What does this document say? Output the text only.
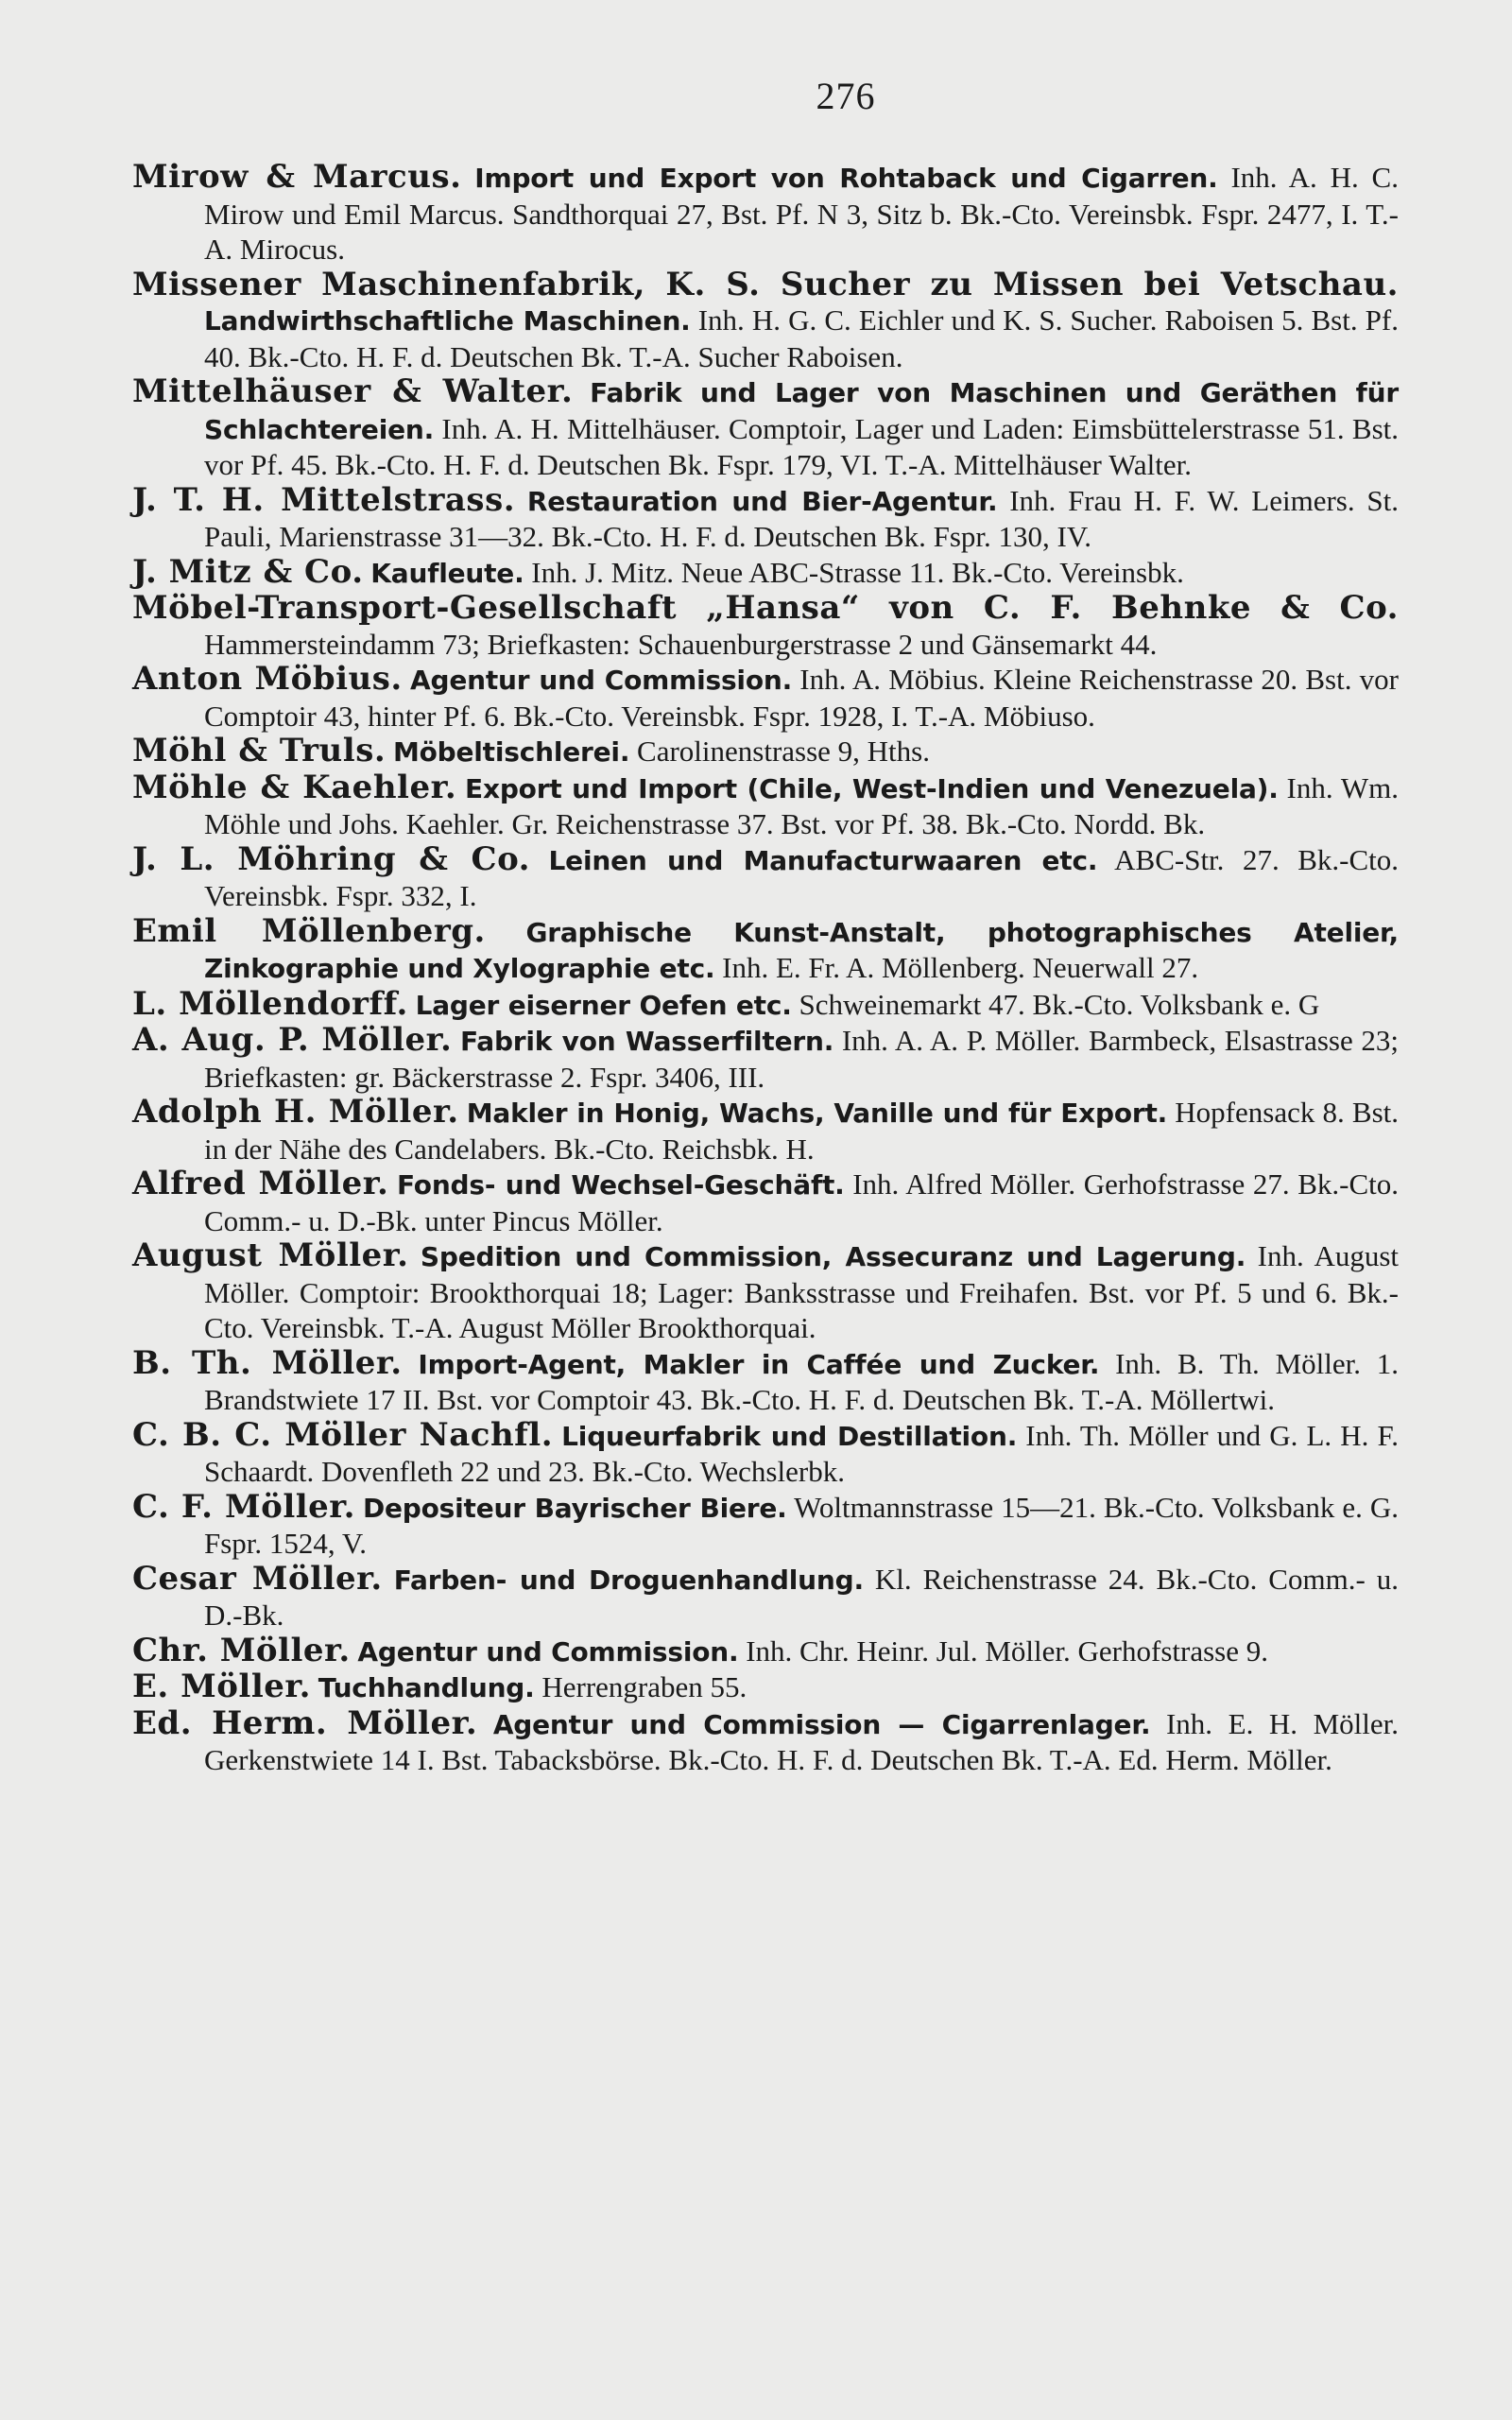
276

Mirow & Marcus. Import und Export von Rohtaback und Cigarren. Inh. A. H. C. Mirow und Emil Marcus. Sandthorquai 27, Bst. Pf. N 3, Sitz b. Bk.-Cto. Vereinsbk. Fspr. 2477, I. T.-A. Mirocus.

Missener Maschinenfabrik, K. S. Sucher zu Missen bei Vetschau. Landwirthschaftliche Maschinen. Inh. H. G. C. Eichler und K. S. Sucher. Raboisen 5. Bst. Pf. 40. Bk.-Cto. H. F. d. Deutschen Bk. T.-A. Sucher Raboisen.

Mittelhäuser & Walter. Fabrik und Lager von Maschinen und Geräthen für Schlachtereien. Inh. A. H. Mittelhäuser. Comptoir, Lager und Laden: Eimsbüttelerstrasse 51. Bst. vor Pf. 45. Bk.-Cto. H. F. d. Deutschen Bk. Fspr. 179, VI. T.-A. Mittelhäuser Walter.

J. T. H. Mittelstrass. Restauration und Bier-Agentur. Inh. Frau H. F. W. Leimers. St. Pauli, Marienstrasse 31—32. Bk.-Cto. H. F. d. Deutschen Bk. Fspr. 130, IV.

J. Mitz & Co. Kaufleute. Inh. J. Mitz. Neue ABC-Strasse 11. Bk.-Cto. Vereinsbk.

Möbel-Transport-Gesellschaft „Hansa“ von C. F. Behnke & Co. Hammersteindamm 73; Briefkasten: Schauenburgerstrasse 2 und Gänsemarkt 44.

Anton Möbius. Agentur und Commission. Inh. A. Möbius. Kleine Reichenstrasse 20. Bst. vor Comptoir 43, hinter Pf. 6. Bk.-Cto. Vereinsbk. Fspr. 1928, I. T.-A. Möbiuso.

Möhl & Truls. Möbeltischlerei. Carolinenstrasse 9, Hths.

Möhle & Kaehler. Export und Import (Chile, West-Indien und Venezuela). Inh. Wm. Möhle und Johs. Kaehler. Gr. Reichenstrasse 37. Bst. vor Pf. 38. Bk.-Cto. Nordd. Bk.

J. L. Möhring & Co. Leinen und Manufacturwaaren etc. ABC-Str. 27. Bk.-Cto. Vereinsbk. Fspr. 332, I.

Emil Möllenberg. Graphische Kunst-Anstalt, photographisches Atelier, Zinkographie und Xylographie etc. Inh. E. Fr. A. Möllenberg. Neuerwall 27.

L. Möllendorff. Lager eiserner Oefen etc. Schweinemarkt 47. Bk.-Cto. Volksbank e. G

A. Aug. P. Möller. Fabrik von Wasserfiltern. Inh. A. A. P. Möller. Barmbeck, Elsastrasse 23; Briefkasten: gr. Bäckerstrasse 2. Fspr. 3406, III.

Adolph H. Möller. Makler in Honig, Wachs, Vanille und für Export. Hopfensack 8. Bst. in der Nähe des Candelabers. Bk.-Cto. Reichsbk. H.

Alfred Möller. Fonds- und Wechsel-Geschäft. Inh. Alfred Möller. Gerhofstrasse 27. Bk.-Cto. Comm.- u. D.-Bk. unter Pincus Möller.

August Möller. Spedition und Commission, Assecuranz und Lagerung. Inh. August Möller. Comptoir: Brookthorquai 18; Lager: Banksstrasse und Freihafen. Bst. vor Pf. 5 und 6. Bk.-Cto. Vereinsbk. T.-A. August Möller Brookthorquai.

B. Th. Möller. Import-Agent, Makler in Caffée und Zucker. Inh. B. Th. Möller. 1. Brandstwiete 17 II. Bst. vor Comptoir 43. Bk.-Cto. H. F. d. Deutschen Bk. T.-A. Möllertwi.

C. B. C. Möller Nachfl. Liqueurfabrik und Destillation. Inh. Th. Möller und G. L. H. F. Schaardt. Dovenfleth 22 und 23. Bk.-Cto. Wechslerbk.

C. F. Möller. Depositeur Bayrischer Biere. Woltmannstrasse 15—21. Bk.-Cto. Volksbank e. G. Fspr. 1524, V.

Cesar Möller. Farben- und Droguenhandlung. Kl. Reichenstrasse 24. Bk.-Cto. Comm.- u. D.-Bk.

Chr. Möller. Agentur und Commission. Inh. Chr. Heinr. Jul. Möller. Gerhofstrasse 9.

E. Möller. Tuchhandlung. Herrengraben 55.

Ed. Herm. Möller. Agentur und Commission — Cigarrenlager. Inh. E. H. Möller. Gerkenstwiete 14 I. Bst. Tabacksbörse. Bk.-Cto. H. F. d. Deutschen Bk. T.-A. Ed. Herm. Möller.
